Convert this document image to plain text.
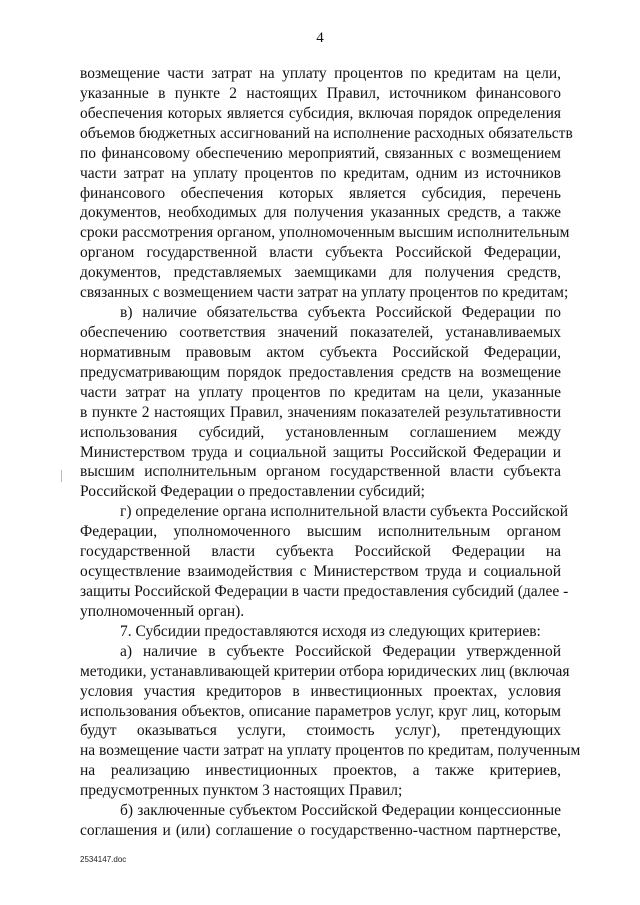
4
возмещение части затрат на уплату процентов по кредитам на цели,
указанные в пункте 2 настоящих Правил, источником финансового
обеспечения которых является субсидия, включая порядок определения
объемов бюджетных ассигнований на исполнение расходных обязательств
по финансовому обеспечению мероприятий, связанных с возмещением
части затрат на уплату процентов по кредитам, одним из источников
финансового обеспечения которых является субсидия, перечень
документов, необходимых для получения указанных средств, а также
сроки рассмотрения органом, уполномоченным высшим исполнительным
органом государственной власти субъекта Российской Федерации,
документов, представляемых заемщиками для получения средств,
связанных с возмещением части затрат на уплату процентов по кредитам;
в) наличие обязательства субъекта Российской Федерации по
обеспечению соответствия значений показателей, устанавливаемых
нормативным правовым актом субъекта Российской Федерации,
предусматривающим порядок предоставления средств на возмещение
части затрат на уплату процентов по кредитам на цели, указанные
в пункте 2 настоящих Правил, значениям показателей результативности
использования субсидий, установленным соглашением между
Министерством труда и социальной защиты Российской Федерации и
высшим исполнительным органом государственной власти субъекта
Российской Федерации о предоставлении субсидий;
г) определение органа исполнительной власти субъекта Российской
Федерации, уполномоченного высшим исполнительным органом
государственной власти субъекта Российской Федерации на
осуществление взаимодействия с Министерством труда и социальной
защиты Российской Федерации в части предоставления субсидий (далее -
уполномоченный орган).
7. Субсидии предоставляются исходя из следующих критериев:
а) наличие в субъекте Российской Федерации утвержденной
методики, устанавливающей критерии отбора юридических лиц (включая
условия участия кредиторов в инвестиционных проектах, условия
использования объектов, описание параметров услуг, круг лиц, которым
будут оказываться услуги, стоимость услуг), претендующих
на возмещение части затрат на уплату процентов по кредитам, полученным
на реализацию инвестиционных проектов, а также критериев,
предусмотренных пунктом 3 настоящих Правил;
б) заключенные субъектом Российской Федерации концессионные
соглашения и (или) соглашение о государственно-частном партнерстве,
2534147.doc
